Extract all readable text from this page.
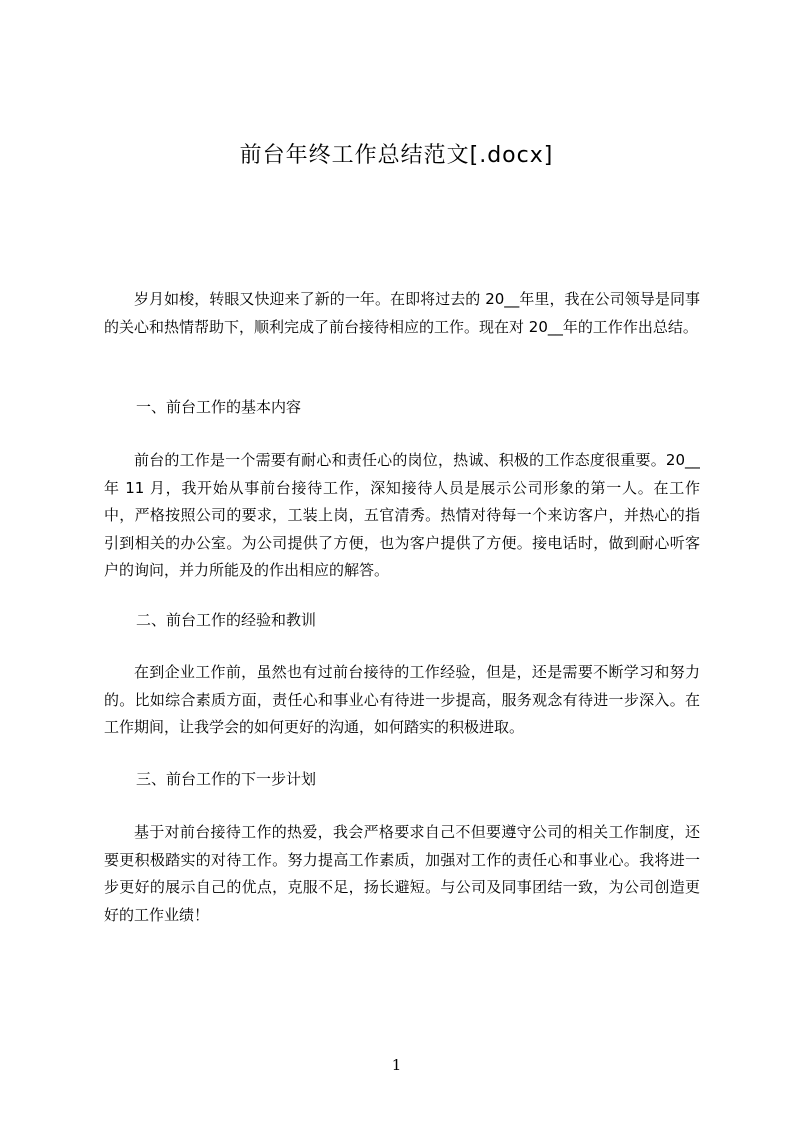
前台年终工作总结范文[.docx]

岁月如梭，转眼又快迎来了新的一年。在即将过去的 20__年里，我在公司领导是同事的关心和热情帮助下，顺利完成了前台接待相应的工作。现在对 20__年的工作作出总结。

一、前台工作的基本内容

前台的工作是一个需要有耐心和责任心的岗位，热诚、积极的工作态度很重要。20__年 11 月，我开始从事前台接待工作，深知接待人员是展示公司形象的第一人。在工作中，严格按照公司的要求，工装上岗，五官清秀。热情对待每一个来访客户，并热心的指引到相关的办公室。为公司提供了方便，也为客户提供了方便。接电话时，做到耐心听客户的询问，并力所能及的作出相应的解答。

二、前台工作的经验和教训

在到企业工作前，虽然也有过前台接待的工作经验，但是，还是需要不断学习和努力的。比如综合素质方面，责任心和事业心有待进一步提高，服务观念有待进一步深入。在工作期间，让我学会的如何更好的沟通，如何踏实的积极进取。

三、前台工作的下一步计划

基于对前台接待工作的热爱，我会严格要求自己不但要遵守公司的相关工作制度，还要更积极踏实的对待工作。努力提高工作素质，加强对工作的责任心和事业心。我将进一步更好的展示自己的优点，克服不足，扬长避短。与公司及同事团结一致，为公司创造更好的工作业绩！

1
